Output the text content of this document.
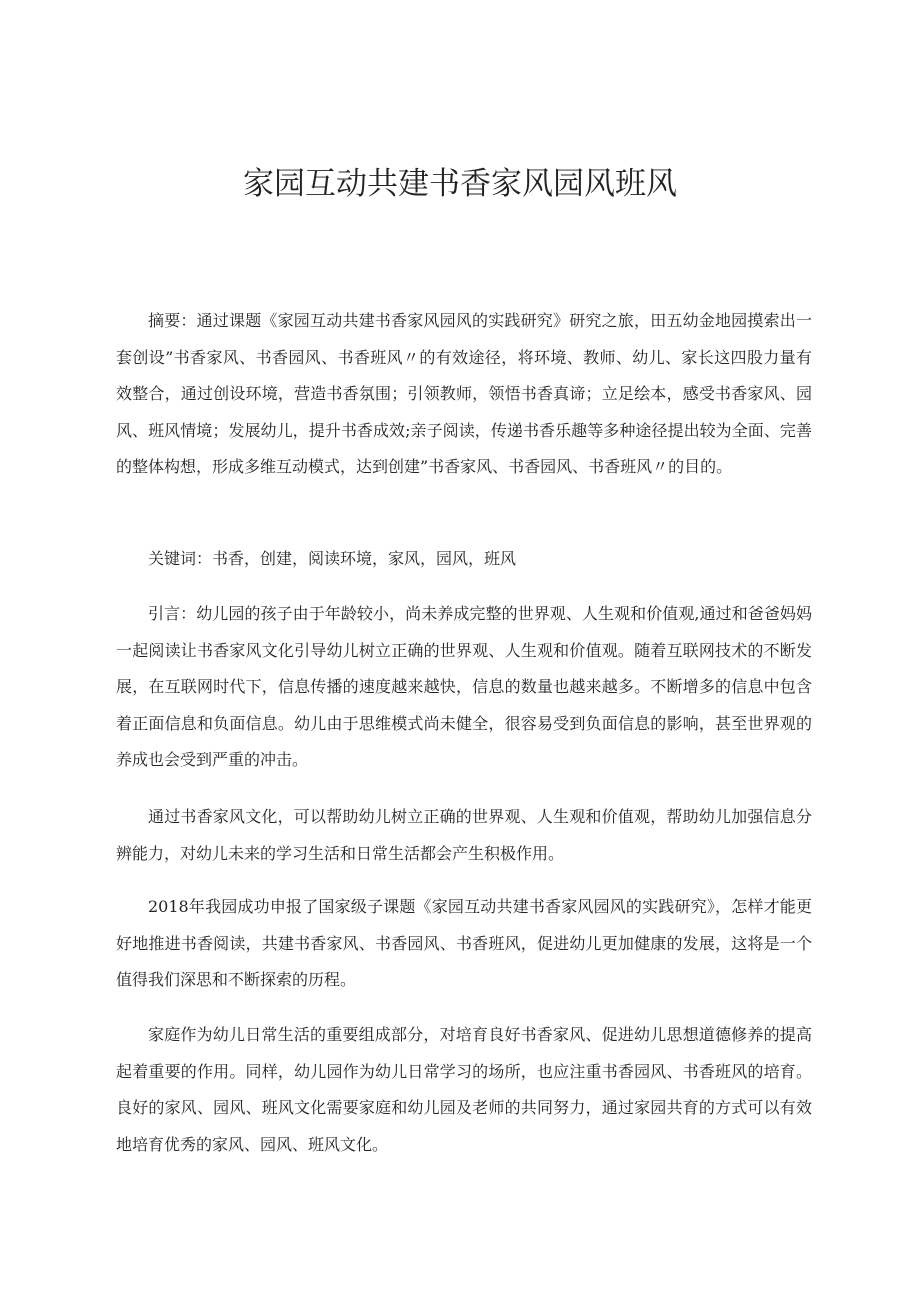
家园互动共建书香家风园风班风

摘要：通过课题《家园互动共建书香家风园风的实践研究》研究之旅，田五幼金地园摸索出一套创设”书香家风、书香园风、书香班风〃的有效途径，将环境、教师、幼儿、家长这四股力量有效整合，通过创设环境，营造书香氛围；引领教师，领悟书香真谛；立足绘本，感受书香家风、园风、班风情境；发展幼儿，提升书香成效;亲子阅读，传递书香乐趣等多种途径提出较为全面、完善的整体构想，形成多维互动模式，达到创建”书香家风、书香园风、书香班风〃的目的。

关键词：书香，创建，阅读环境，家风，园风，班风

引言：幼儿园的孩子由于年龄较小，尚未养成完整的世界观、人生观和价值观,通过和爸爸妈妈一起阅读让书香家风文化引导幼儿树立正确的世界观、人生观和价值观。随着互联网技术的不断发展，在互联网时代下，信息传播的速度越来越快，信息的数量也越来越多。不断增多的信息中包含着正面信息和负面信息。幼儿由于思维模式尚未健全，很容易受到负面信息的影响，甚至世界观的养成也会受到严重的冲击。

通过书香家风文化，可以帮助幼儿树立正确的世界观、人生观和价值观，帮助幼儿加强信息分辨能力，对幼儿未来的学习生活和日常生活都会产生积极作用。

2018年我园成功申报了国家级子课题《家园互动共建书香家风园风的实践研究》，怎样才能更好地推进书香阅读，共建书香家风、书香园风、书香班风，促进幼儿更加健康的发展，这将是一个值得我们深思和不断探索的历程。

家庭作为幼儿日常生活的重要组成部分，对培育良好书香家风、促进幼儿思想道德修养的提高起着重要的作用。同样，幼儿园作为幼儿日常学习的场所，也应注重书香园风、书香班风的培育。良好的家风、园风、班风文化需要家庭和幼儿园及老师的共同努力，通过家园共育的方式可以有效地培育优秀的家风、园风、班风文化。
